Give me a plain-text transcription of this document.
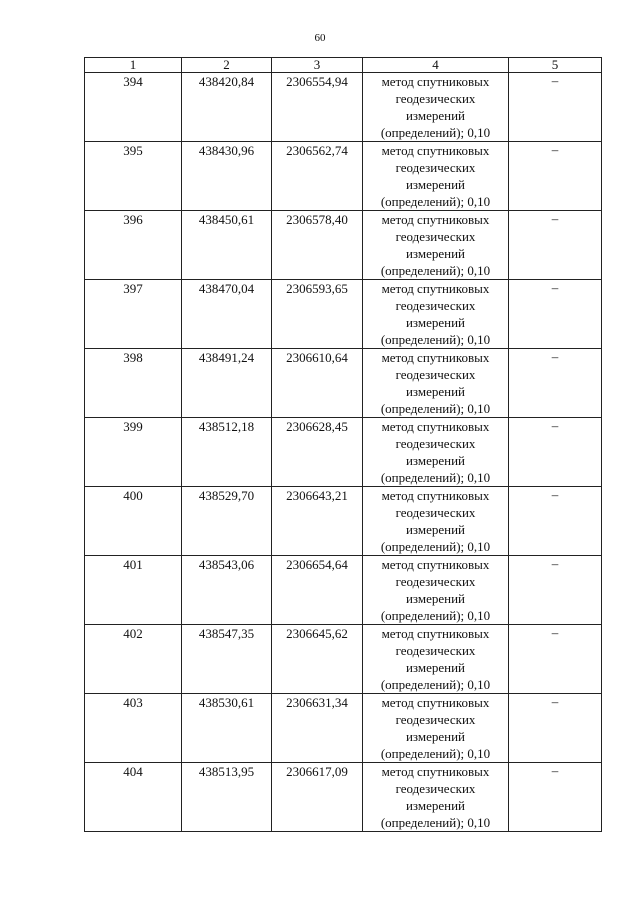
60
1	2	3	4	5
394	438420,84	2306554,94	метод спутниковых
геодезических
измерений
(определений); 0,10	–
395	438430,96	2306562,74	метод спутниковых
геодезических
измерений
(определений); 0,10	–
396	438450,61	2306578,40	метод спутниковых
геодезических
измерений
(определений); 0,10	–
397	438470,04	2306593,65	метод спутниковых
геодезических
измерений
(определений); 0,10	–
398	438491,24	2306610,64	метод спутниковых
геодезических
измерений
(определений); 0,10	–
399	438512,18	2306628,45	метод спутниковых
геодезических
измерений
(определений); 0,10	–
400	438529,70	2306643,21	метод спутниковых
геодезических
измерений
(определений); 0,10	–
401	438543,06	2306654,64	метод спутниковых
геодезических
измерений
(определений); 0,10	–
402	438547,35	2306645,62	метод спутниковых
геодезических
измерений
(определений); 0,10	–
403	438530,61	2306631,34	метод спутниковых
геодезических
измерений
(определений); 0,10	–
404	438513,95	2306617,09	метод спутниковых
геодезических
измерений
(определений); 0,10	–
